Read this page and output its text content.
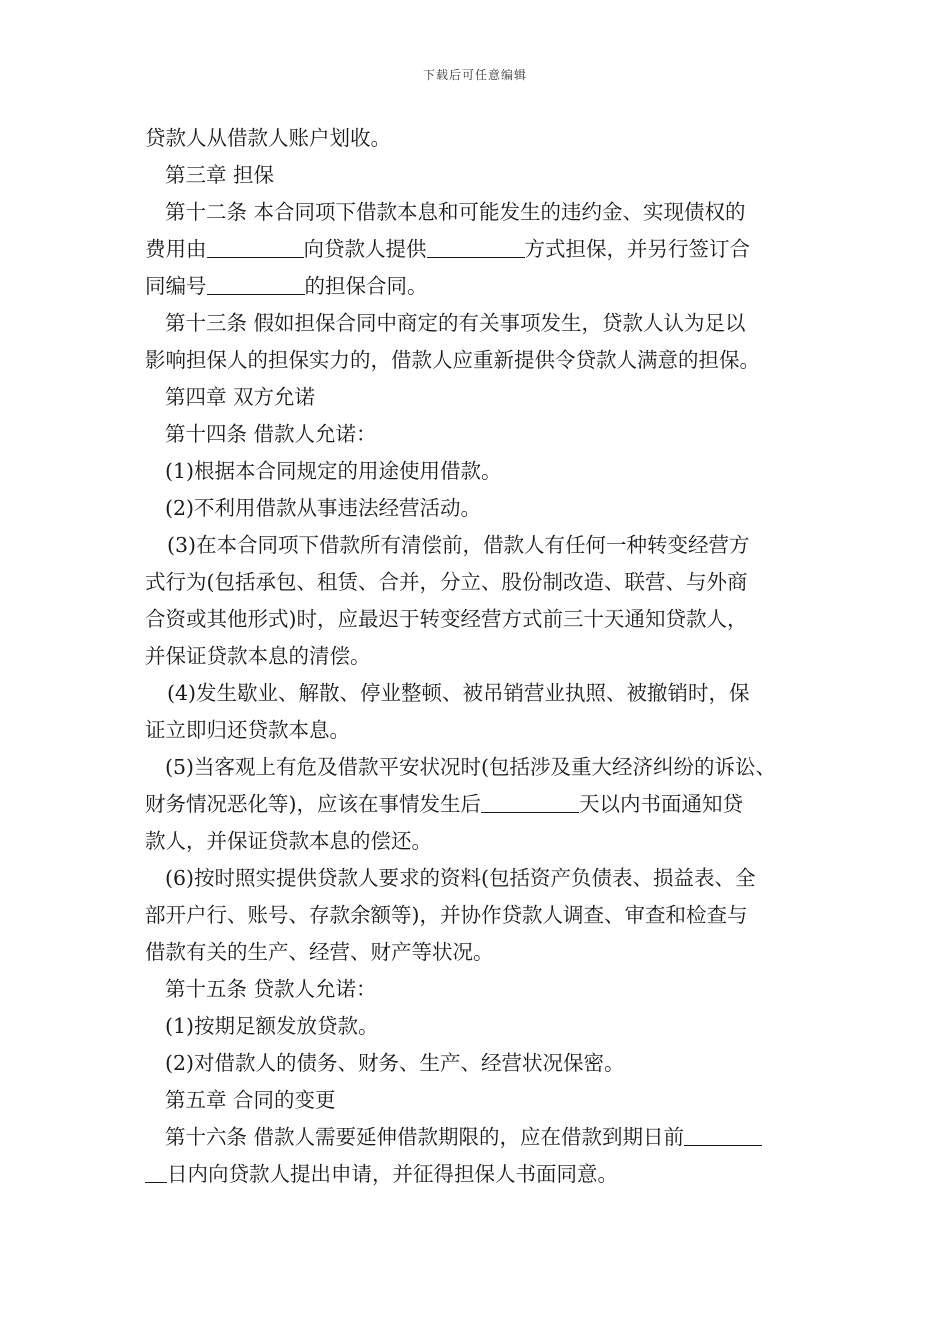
下载后可任意编辑

贷款人从借款人账户划收。

第三章 担保

第十二条 本合同项下借款本息和可能发生的违约金、实现债权的

费用由	向贷款人提供	方式担保，并另行签订合

同编号	的担保合同。

第十三条 假如担保合同中商定的有关事项发生，贷款人认为足以

影响担保人的担保实力的，借款人应重新提供令贷款人满意的担保。

第四章 双方允诺

第十四条 借款人允诺：

(1)根据本合同规定的用途使用借款。

(2)不利用借款从事违法经营活动。

(3)在本合同项下借款所有清偿前，借款人有任何一种转变经营方

式行为(包括承包、租赁、合并，分立、股份制改造、联营、与外商

合资或其他形式)时，应最迟于转变经营方式前三十天通知贷款人，

并保证贷款本息的清偿。

(4)发生歇业、解散、停业整顿、被吊销营业执照、被撤销时，保

证立即归还贷款本息。

(5)当客观上有危及借款平安状况时(包括涉及重大经济纠纷的诉讼、

财务情况恶化等)，应该在事情发生后	天以内书面通知贷

款人，并保证贷款本息的偿还。

(6)按时照实提供贷款人要求的资料(包括资产负债表、损益表、全

部开户行、账号、存款余额等)，并协作贷款人调查、审查和检查与

借款有关的生产、经营、财产等状况。

第十五条 贷款人允诺：

(1)按期足额发放贷款。

(2)对借款人的债务、财务、生产、经营状况保密。

第五章 合同的变更

第十六条 借款人需要延伸借款期限的，应在借款到期日前

日内向贷款人提出申请，并征得担保人书面同意。
